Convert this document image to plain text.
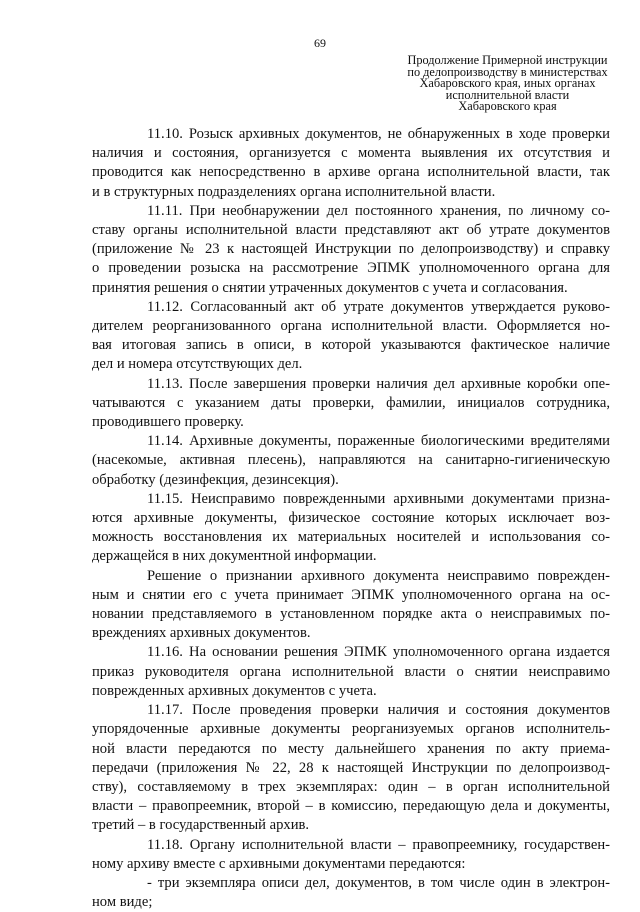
69
Продолжение Примерной инструкции
по делопроизводству в министерствах
Хабаровского края, иных органах
исполнительной власти
Хабаровского края
11.10. Розыск архивных документов, не обнаруженных в ходе проверки
наличия и состояния, организуется с момента выявления их отсутствия и
проводится как непосредственно в архиве органа исполнительной власти, так
и в структурных подразделениях органа исполнительной власти.
11.11. При необнаружении дел постоянного хранения, по личному со-
ставу органы исполнительной власти представляют акт об утрате документов
(приложение № 23 к настоящей Инструкции по делопроизводству) и справку
о проведении розыска на рассмотрение ЭПМК уполномоченного органа для
принятия решения о снятии утраченных документов с учета и согласования.
11.12. Согласованный акт об утрате документов утверждается руково-
дителем реорганизованного органа исполнительной власти. Оформляется но-
вая итоговая запись в описи, в которой указываются фактическое наличие
дел и номера отсутствующих дел.
11.13. После завершения проверки наличия дел архивные коробки опе-
чатываются с указанием даты проверки, фамилии, инициалов сотрудника,
проводившего проверку.
11.14. Архивные документы, пораженные биологическими вредителями
(насекомые, активная плесень), направляются на санитарно-гигиеническую
обработку (дезинфекция, дезинсекция).
11.15. Неисправимо поврежденными архивными документами призна-
ются архивные документы, физическое состояние которых исключает воз-
можность восстановления их материальных носителей и использования со-
держащейся в них документной информации.
Решение о признании архивного документа неисправимо поврежден-
ным и снятии его с учета принимает ЭПМК уполномоченного органа на ос-
новании представляемого в установленном порядке акта о неисправимых по-
вреждениях архивных документов.
11.16. На основании решения ЭПМК уполномоченного органа издается
приказ руководителя органа исполнительной власти о снятии неисправимо
поврежденных архивных документов с учета.
11.17. После проведения проверки наличия и состояния документов
упорядоченные архивные документы реорганизуемых органов исполнитель-
ной власти передаются по месту дальнейшего хранения по акту приема-
передачи (приложения № 22, 28 к настоящей Инструкции по делопроизвод-
ству), составляемому в трех экземплярах: один – в орган исполнительной
власти – правопреемник, второй – в комиссию, передающую дела и документы,
третий – в государственный архив.
11.18. Органу исполнительной власти – правопреемнику, государствен-
ному архиву вместе с архивными документами передаются:
- три экземпляра описи дел, документов, в том числе один в электрон-
ном виде;
